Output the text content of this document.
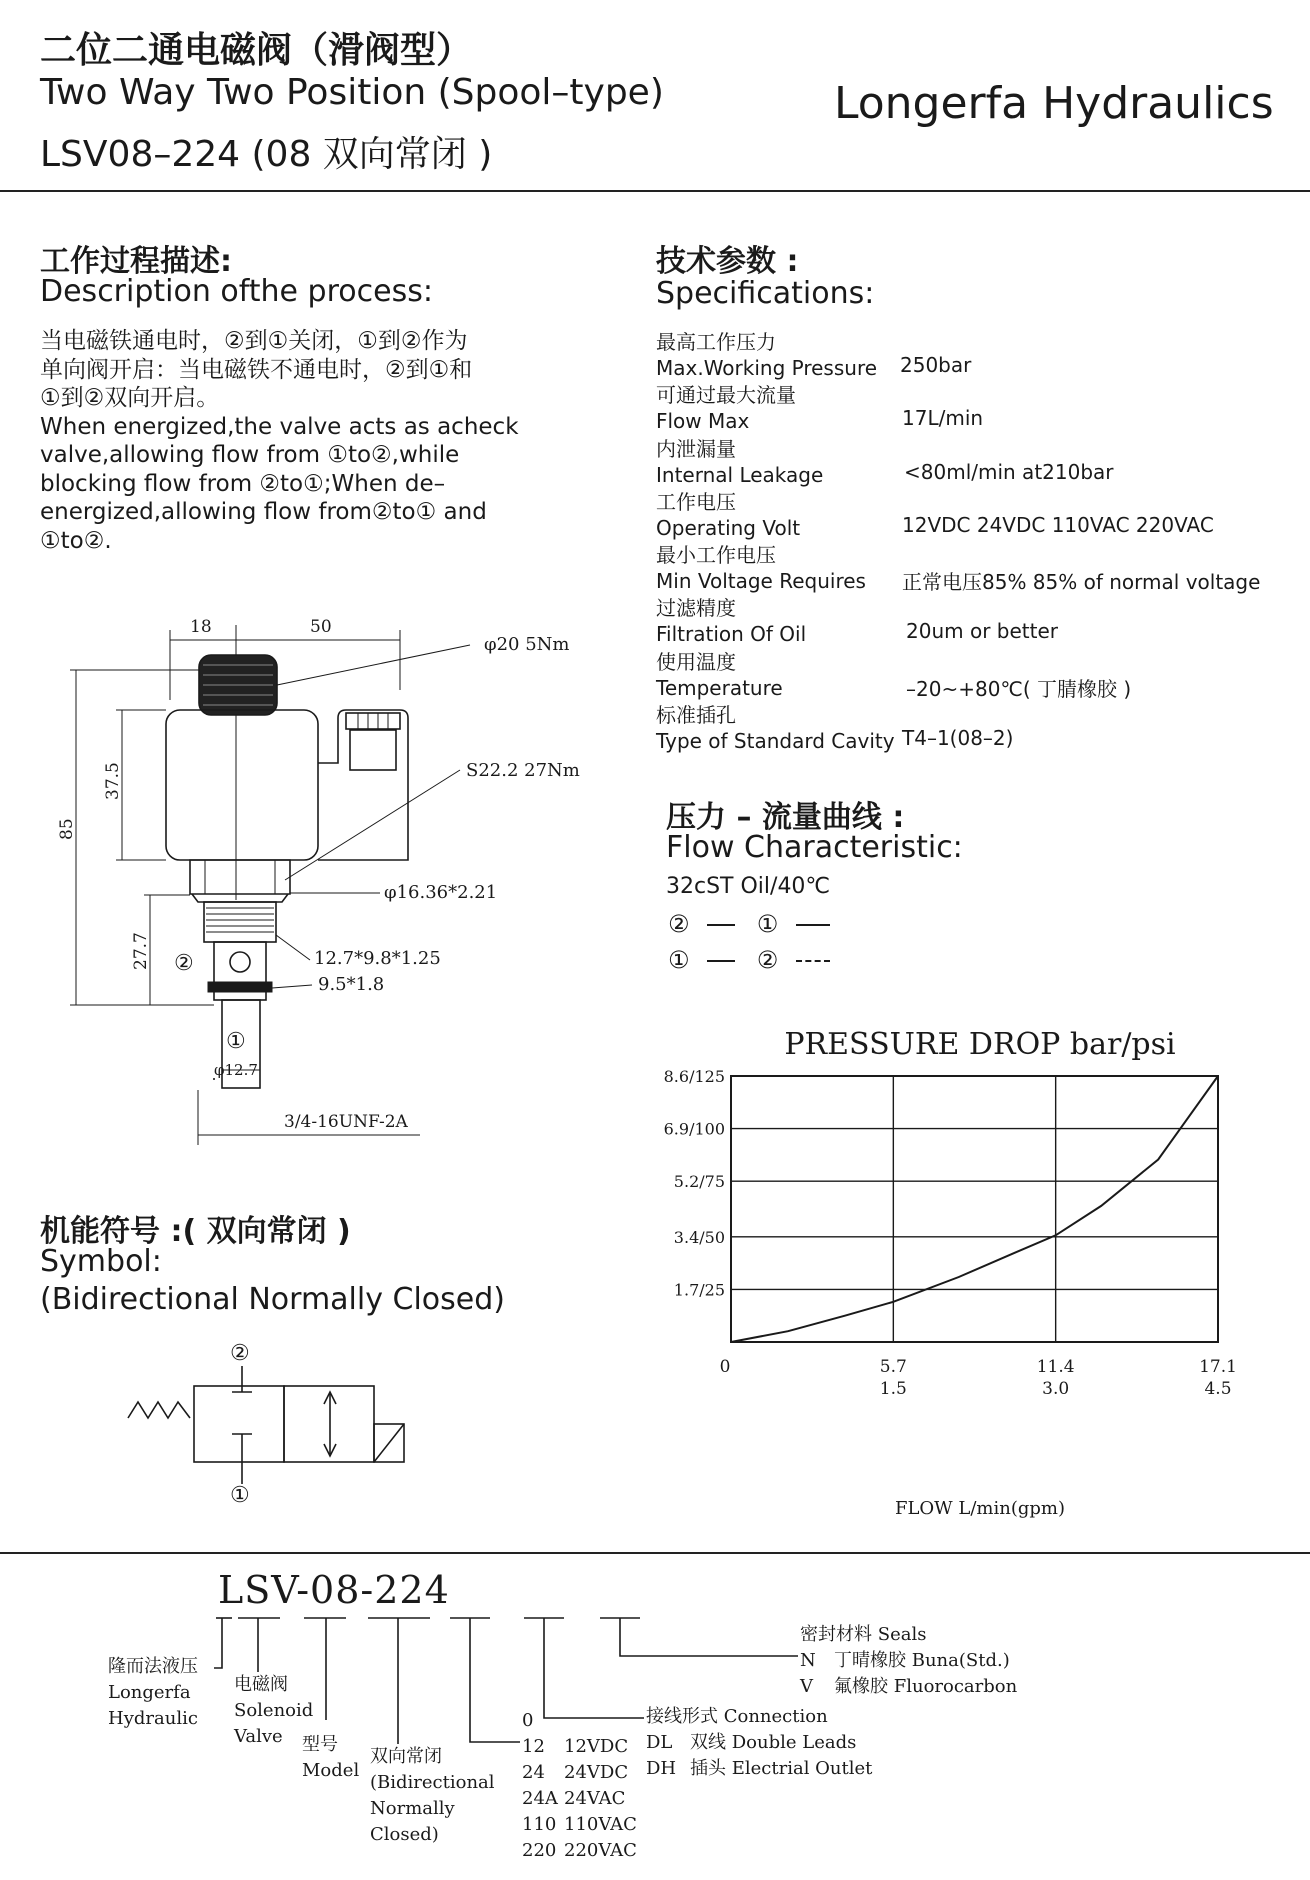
二位二通电磁阀（滑阀型）
Two Way Two Position (Spool–type)
LSV08–224 (08 双向常闭 )
Longerfa Hydraulics
工作过程描述:
Description ofthe process:
当电磁铁通电时，②到①关闭，①到②作为
单向阀开启：当电磁铁不通电时，②到①和
①到②双向开启。
When energized,the valve acts as acheck
valve,allowing flow from ①to②,while
blocking flow from ②to①;When de–
energized,allowing flow from②to① and
①to②.
技术参数 :
Specifications:
最高工作压力
Max.Working Pressure 250bar
可通过最大流量
Flow Max	17L/min
内泄漏量
Internal Leakage	<80ml/min at210bar
工作电压
Operating Volt	12VDC 24VDC 110VAC 220VAC
最小工作电压
Min Voltage Requires 正常电压85% 85% of normal voltage
过滤精度
Filtration Of Oil	20um or better
使用温度
Temperature	–20~+80℃( 丁腈橡胶 )
标准插孔
Type of Standard Cavity T4–1(08–2)
18	50
85
37.5
27.7
φ20 5Nm
S22.2 27Nm
φ16.36*2.21
12.7*9.8*1.25
9.5*1.8
φ12.7
3/4-16UNF-2A
②
①
机能符号 :( 双向常闭 )
Symbol:
(Bidirectional Normally Closed)
②
①
压力 – 流量曲线 :
Flow Characteristic:
32cST Oil/40℃
②	①
①	②
PRESSURE DROP bar/psi
1.7/25
3.4/50
5.2/75
6.9/100
8.6/125
0	5.7
1.5
11.4
3.0
17.1
4.5
FLOW L/min(gpm)
LSV-08-224
隆而法液压
Longerfa
Hydraulic
电磁阀
Solenoid
Valve	型号
Model
双向常闭
(Bidirectional
Normally
Closed)
0
12 12VDC
24 24VDC
24A 24VAC
110 110VAC
220 220VAC
接线形式 Connection
DL 双线 Double Leads
DH 插头 Electrial Outlet
密封材料 Seals
N 丁晴橡胶 Buna(Std.)
V 氟橡胶 Fluorocarbon
